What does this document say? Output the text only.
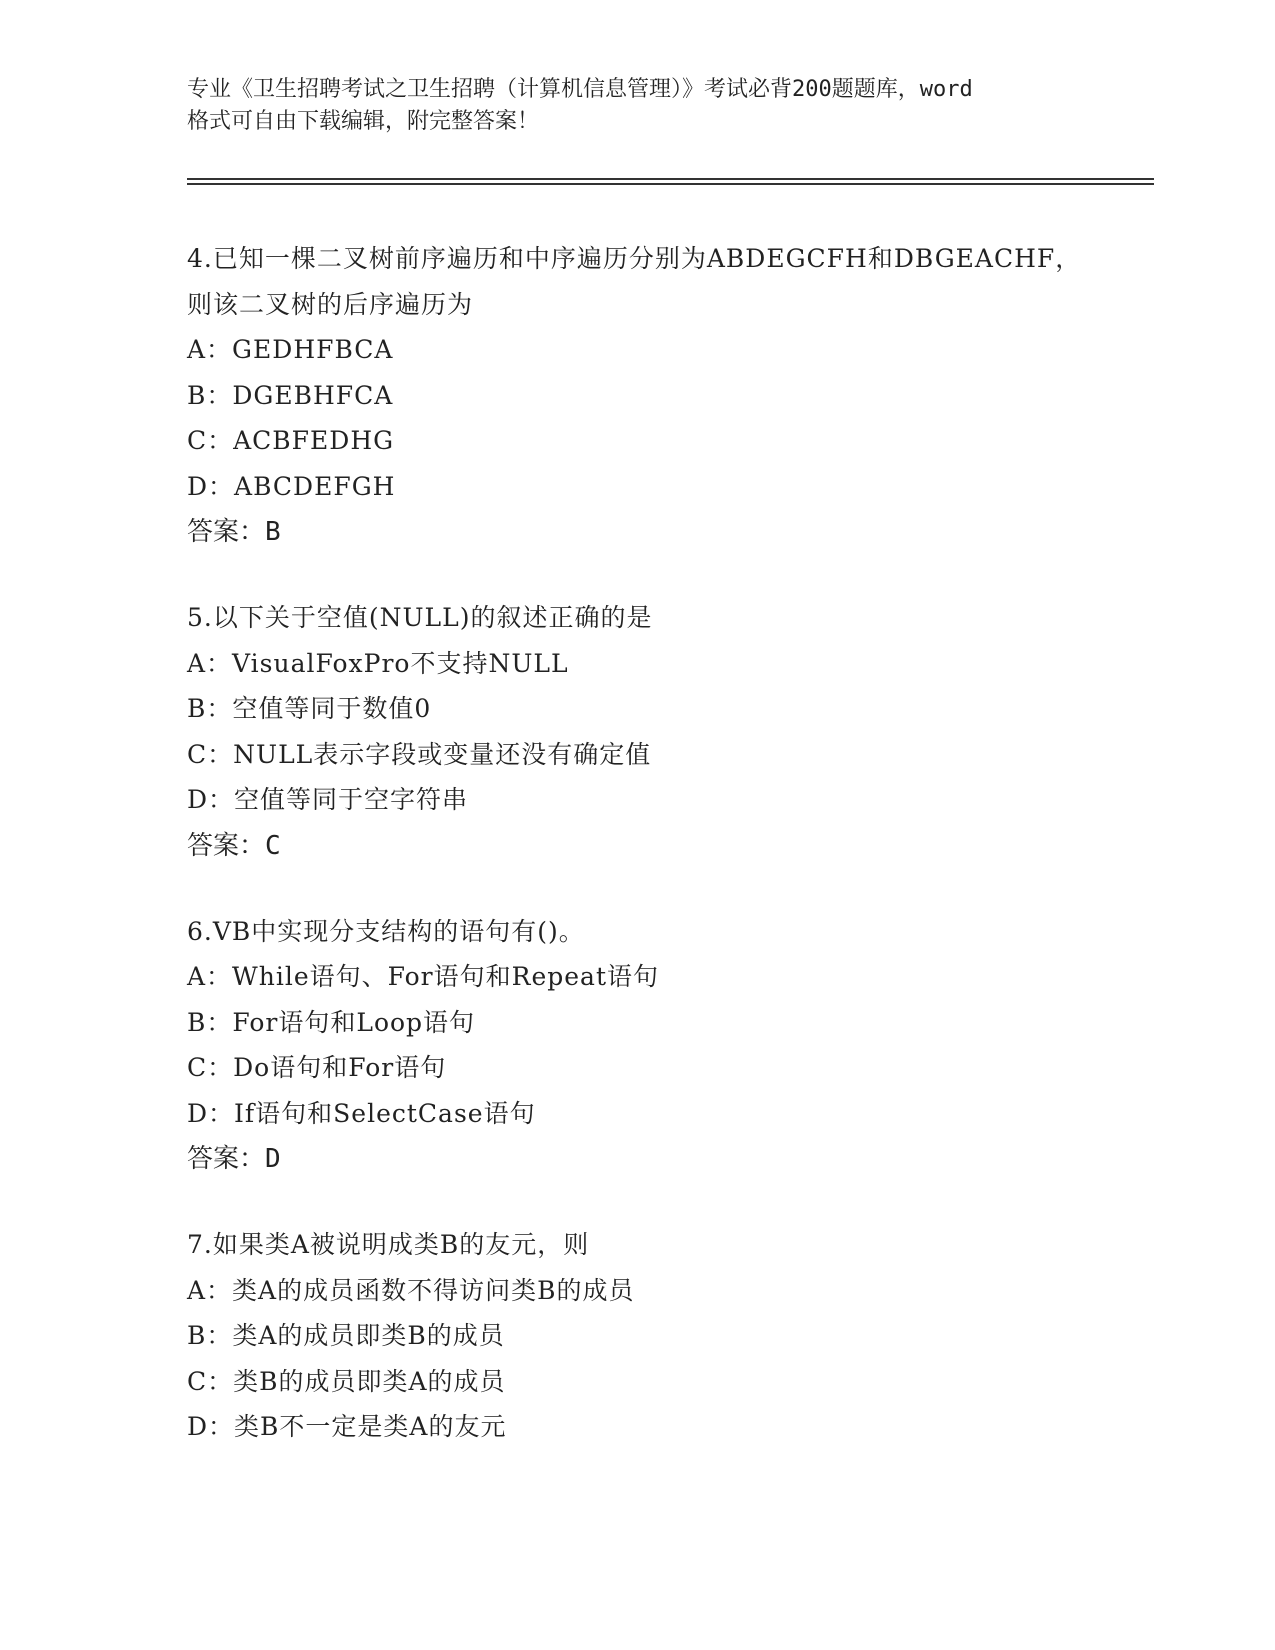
专业《卫生招聘考试之卫生招聘（计算机信息管理）》考试必背200题题库，word
格式可自由下载编辑，附完整答案！
4.已知一棵二叉树前序遍历和中序遍历分别为ABDEGCFH和DBGEACHF，
则该二叉树的后序遍历为
A：GEDHFBCA
B：DGEBHFCA
C：ACBFEDHG
D：ABCDEFGH
答案：B
5.以下关于空值(NULL)的叙述正确的是
A：VisualFoxPro不支持NULL
B：空值等同于数值0
C：NULL表示字段或变量还没有确定值
D：空值等同于空字符串
答案：C
6.VB中实现分支结构的语句有()。
A：While语句、For语句和Repeat语句
B：For语句和Loop语句
C：Do语句和For语句
D：If语句和SelectCase语句
答案：D
7.如果类A被说明成类B的友元，则
A：类A的成员函数不得访问类B的成员
B：类A的成员即类B的成员
C：类B的成员即类A的成员
D：类B不一定是类A的友元
